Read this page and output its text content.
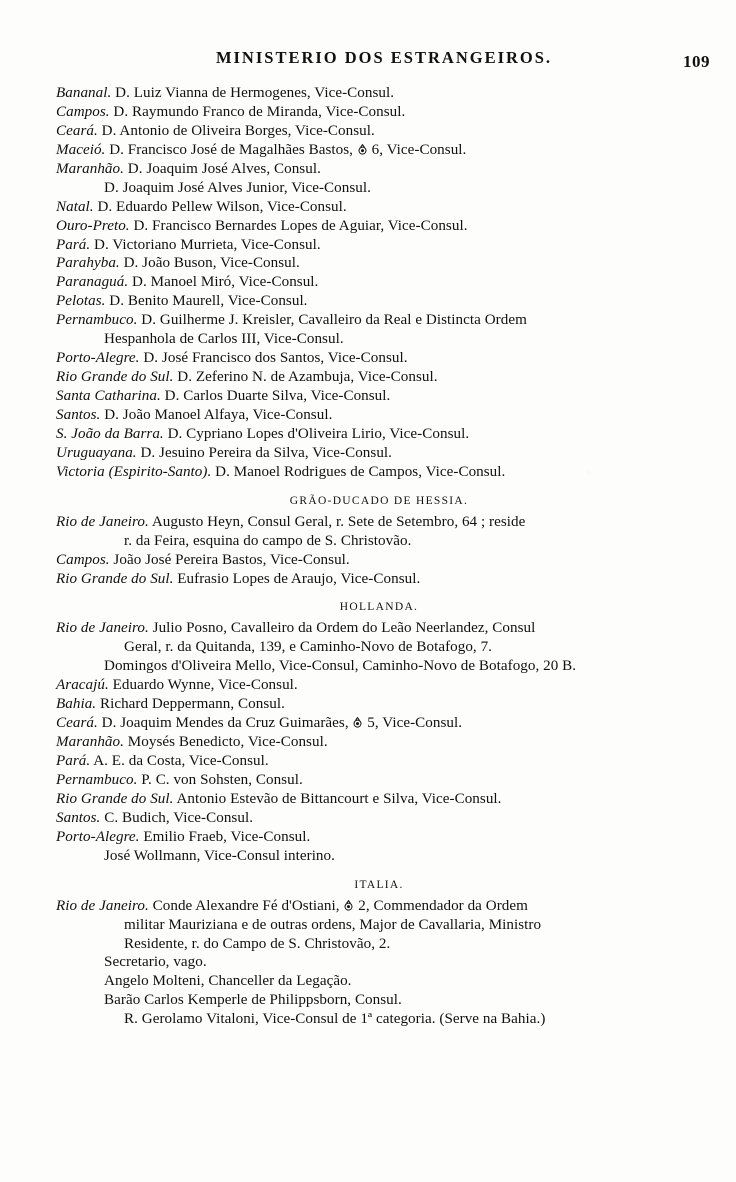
MINISTERIO DOS ESTRANGEIROS.	109

Bananal. D. Luiz Vianna de Hermogenes, Vice-Consul.

Campos. D. Raymundo Franco de Miranda, Vice-Consul.

Ceará. D. Antonio de Oliveira Borges, Vice-Consul.

Maceió. D. Francisco José de Magalhães Bastos,
6, Vice-Consul.

Maranhão. D. Joaquim José Alves, Consul.

D. Joaquim José Alves Junior, Vice-Consul.

Natal. D. Eduardo Pellew Wilson, Vice-Consul.

Ouro-Preto. D. Francisco Bernardes Lopes de Aguiar, Vice-Consul.

Pará. D. Victoriano Murrieta, Vice-Consul.

Parahyba. D. João Buson, Vice-Consul.

Paranaguá. D. Manoel Miró, Vice-Consul.

Pelotas. D. Benito Maurell, Vice-Consul.

Pernambuco. D. Guilherme J. Kreisler, Cavalleiro da Real e Distincta Ordem

Hespanhola de Carlos III, Vice-Consul.

Porto-Alegre. D. José Francisco dos Santos, Vice-Consul.

Rio Grande do Sul. D. Zeferino N. de Azambuja, Vice-Consul.

Santa Catharina. D. Carlos Duarte Silva, Vice-Consul.

Santos. D. João Manoel Alfaya, Vice-Consul.

S. João da Barra. D. Cypriano Lopes d'Oliveira Lirio, Vice-Consul.

Uruguayana. D. Jesuino Pereira da Silva, Vice-Consul.

Victoria (Espirito-Santo). D. Manoel Rodrigues de Campos, Vice-Consul.

GRÃO-DUCADO DE HESSIA.

Rio de Janeiro. Augusto Heyn, Consul Geral, r. Sete de Setembro, 64 ; reside

r. da Feira, esquina do campo de S. Christovão.

Campos. João José Pereira Bastos, Vice-Consul.

Rio Grande do Sul. Eufrasio Lopes de Araujo, Vice-Consul.

HOLLANDA.

Rio de Janeiro. Julio Posno, Cavalleiro da Ordem do Leão Neerlandez, Consul

Geral, r. da Quitanda, 139, e Caminho-Novo de Botafogo, 7.

Domingos d'Oliveira Mello, Vice-Consul, Caminho-Novo de Botafogo, 20 B.

Aracajú. Eduardo Wynne, Vice-Consul.

Bahia. Richard Deppermann, Consul.

Ceará. D. Joaquim Mendes da Cruz Guimarães,
5, Vice-Consul.

Maranhão. Moysés Benedicto, Vice-Consul.

Pará. A. E. da Costa, Vice-Consul.

Pernambuco. P. C. von Sohsten, Consul.

Rio Grande do Sul. Antonio Estevão de Bittancourt e Silva, Vice-Consul.

Santos. C. Budich, Vice-Consul.

Porto-Alegre. Emilio Fraeb, Vice-Consul.

José Wollmann, Vice-Consul interino.

ITALIA.

Rio de Janeiro. Conde Alexandre Fé d'Ostiani,
2, Commendador da Ordem

militar Mauriziana e de outras ordens, Major de Cavallaria, Ministro

Residente, r. do Campo de S. Christovão, 2.

Secretario, vago.

Angelo Molteni, Chanceller da Legação.

Barão Carlos Kemperle de Philippsborn, Consul.

R. Gerolamo Vitaloni, Vice-Consul de 1ª categoria. (Serve na Bahia.)
